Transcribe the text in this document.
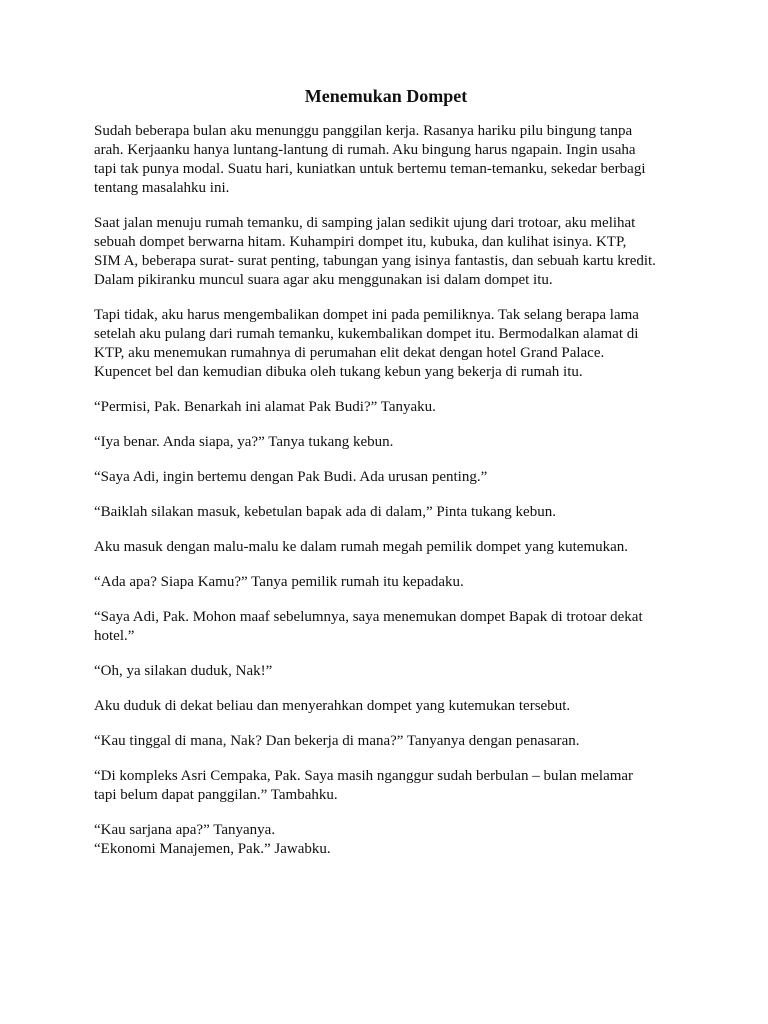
Menemukan Dompet

Sudah beberapa bulan aku menunggu panggilan kerja. Rasanya hariku pilu bingung tanpa
arah. Kerjaanku hanya luntang-lantung di rumah. Aku bingung harus ngapain. Ingin usaha
tapi tak punya modal. Suatu hari, kuniatkan untuk bertemu teman-temanku, sekedar berbagi
tentang masalahku ini.

Saat jalan menuju rumah temanku, di samping jalan sedikit ujung dari trotoar, aku melihat
sebuah dompet berwarna hitam. Kuhampiri dompet itu, kubuka, dan kulihat isinya. KTP,
SIM A, beberapa surat- surat penting, tabungan yang isinya fantastis, dan sebuah kartu kredit.
Dalam pikiranku muncul suara agar aku menggunakan isi dalam dompet itu.

Tapi tidak, aku harus mengembalikan dompet ini pada pemiliknya. Tak selang berapa lama
setelah aku pulang dari rumah temanku, kukembalikan dompet itu. Bermodalkan alamat di
KTP, aku menemukan rumahnya di perumahan elit dekat dengan hotel Grand Palace.
Kupencet bel dan kemudian dibuka oleh tukang kebun yang bekerja di rumah itu.

“Permisi, Pak. Benarkah ini alamat Pak Budi?” Tanyaku.

“Iya benar. Anda siapa, ya?” Tanya tukang kebun.

“Saya Adi, ingin bertemu dengan Pak Budi. Ada urusan penting.”

“Baiklah silakan masuk, kebetulan bapak ada di dalam,” Pinta tukang kebun.

Aku masuk dengan malu-malu ke dalam rumah megah pemilik dompet yang kutemukan.

“Ada apa? Siapa Kamu?” Tanya pemilik rumah itu kepadaku.

“Saya Adi, Pak. Mohon maaf sebelumnya, saya menemukan dompet Bapak di trotoar dekat
hotel.”

“Oh, ya silakan duduk, Nak!”

Aku duduk di dekat beliau dan menyerahkan dompet yang kutemukan tersebut.

“Kau tinggal di mana, Nak? Dan bekerja di mana?” Tanyanya dengan penasaran.

“Di kompleks Asri Cempaka, Pak. Saya masih nganggur sudah berbulan – bulan melamar
tapi belum dapat panggilan.” Tambahku.

“Kau sarjana apa?” Tanyanya.

“Ekonomi Manajemen, Pak.” Jawabku.
